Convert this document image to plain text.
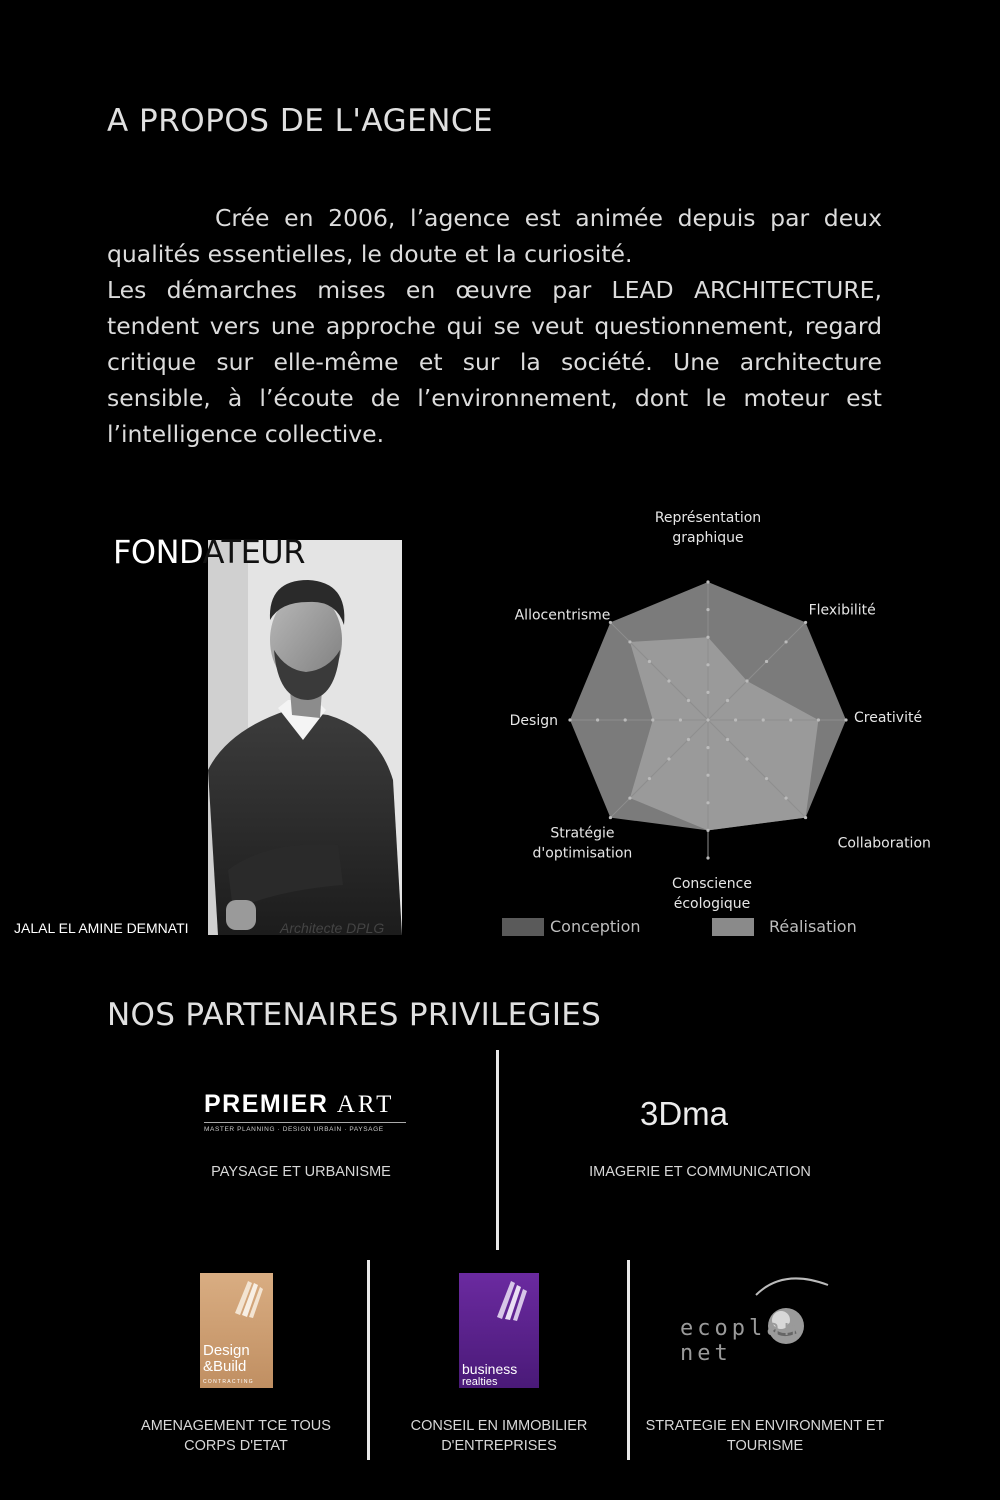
A PROPOS DE L'AGENCE

Crée en 2006, l’agence est animée depuis par deux qualités essentielles, le doute et la curiosité.

Les démarches mises en œuvre par LEAD ARCHITECTURE, tendent vers une approche qui se veut questionnement, regard critique sur elle-même et sur la société. Une architecture sensible, à l’écoute de l’environnement, dont le moteur est l’intelligence collective.

FONDATEUR
JALAL EL AMINE DEMNATI	Architecte DPLG
Représentation graphique
Flexibilité
Creativité
Collaboration
Conscience écologique
Stratégie d'optimisation
Design
Allocentrisme
Conception	Réalisation
NOS PARTENAIRES PRIVILEGIES
PREMIER ART
MASTER PLANNING · DESIGN URBAIN · PAYSAGE
PAYSAGE ET URBANISME
3Dma
IMAGERIE ET COMMUNICATION
Design
&Build
CONTRACTING
AMENAGEMENT TCE TOUS
CORPS D'ETAT
business
realties
CONSEIL EN IMMOBILIER
D'ENTREPRISES
ecoplannet
STRATEGIE EN ENVIRONMENT ET
TOURISME
